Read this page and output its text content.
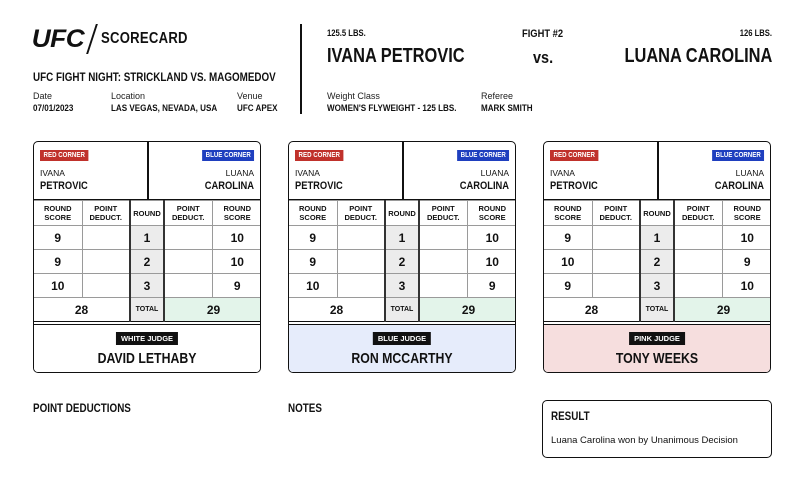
UFC SCORECARD
UFC FIGHT NIGHT: STRICKLAND VS. MAGOMEDOV
Date
07/01/2023
Location
LAS VEGAS, NEVADA, USA
Venue
UFC APEX
125.5 LBS.	FIGHT #2	126 LBS.
IVANA PETROVIC	vs.	LUANA CAROLINA
Weight Class
WOMEN'S FLYWEIGHT - 125 LBS.
Referee
MARK SMITH
RED CORNER	BLUE CORNER
IVANA
PETROVIC
LUANA
CAROLINA
ROUND SCORE	POINT DEDUCT.	ROUND	POINT DEDUCT.	ROUND SCORE
9		1		10
9		2		10
10		3		9
28		TOTAL	29	
WHITE JUDGE
DAVID LETHABY
RED CORNER	BLUE CORNER
IVANA
PETROVIC
LUANA
CAROLINA
ROUND SCORE	POINT DEDUCT.	ROUND	POINT DEDUCT.	ROUND SCORE
9		1		10
9		2		10
10		3		9
28		TOTAL	29	
BLUE JUDGE
RON MCCARTHY
RED CORNER	BLUE CORNER
IVANA
PETROVIC
LUANA
CAROLINA
ROUND SCORE	POINT DEDUCT.	ROUND	POINT DEDUCT.	ROUND SCORE
9		1		10
10		2		9
9		3		10
28		TOTAL	29	
PINK JUDGE
TONY WEEKS
POINT DEDUCTIONS	NOTES
RESULT
Luana Carolina won by Unanimous Decision
